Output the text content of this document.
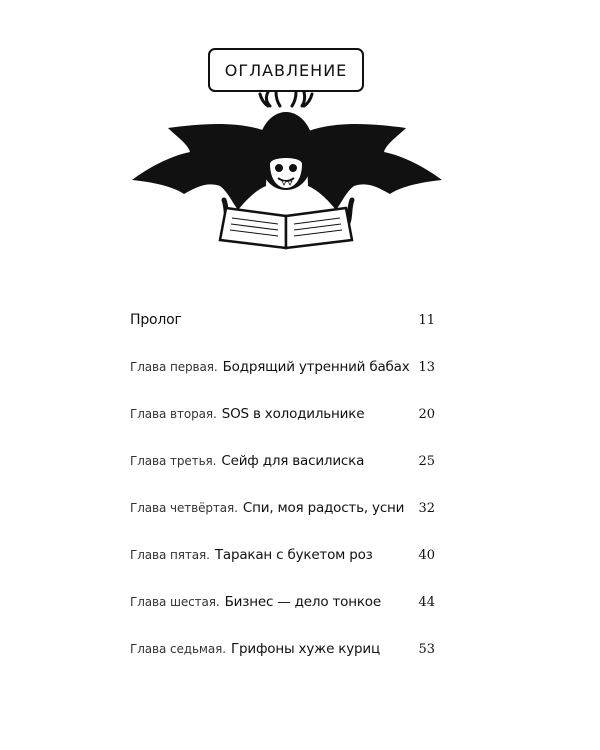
ОГЛАВЛЕНИЕ
Пролог	11
Глава первая. Бодрящий утренний бабах 13
Глава вторая. SOS в холодильнике	20
Глава третья. Сейф для василиска	25
Глава четвёртая. Спи, моя радость, усни 32
Глава пятая. Таракан с букетом роз	40
Глава шестая. Бизнес — дело тонкое	44
Глава седьмая. Грифоны хуже куриц	53
